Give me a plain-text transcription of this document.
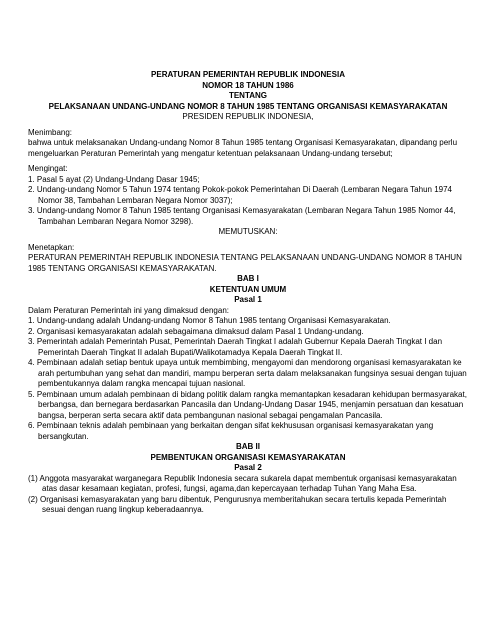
PERATURAN PEMERINTAH REPUBLIK INDONESIA

NOMOR 18 TAHUN 1986

TENTANG

PELAKSANAAN UNDANG-UNDANG NOMOR 8 TAHUN 1985 TENTANG ORGANISASI KEMASYARAKATAN

PRESIDEN REPUBLIK INDONESIA,

Menimbang:

bahwa untuk melaksanakan Undang-undang Nomor 8 Tahun 1985 tentang Organisasi Kemasyarakatan, dipandang perlu mengeluarkan Peraturan Pemerintah yang mengatur ketentuan pelaksanaan Undang-undang tersebut;

Mengingat:

1. Pasal 5 ayat (2) Undang-Undang Dasar 1945;

2. Undang-undang Nomor 5 Tahun 1974 tentang Pokok-pokok Pemerintahan Di Daerah (Lembaran Negara Tahun 1974 Nomor 38, Tambahan Lembaran Negara Nomor 3037);

3. Undang-undang Nomor 8 Tahun 1985 tentang Organisasi Kemasyarakatan (Lembaran Negara Tahun 1985 Nomor 44, Tambahan Lembaran Negara Nomor 3298).

MEMUTUSKAN:

Menetapkan:

PERATURAN PEMERINTAH REPUBLIK INDONESIA TENTANG PELAKSANAAN UNDANG-UNDANG NOMOR 8 TAHUN 1985 TENTANG ORGANISASI KEMASYARAKATAN.

BAB I

KETENTUAN UMUM

Pasal 1

Dalam Peraturan Pemerintah ini yang dimaksud dengan:

1. Undang-undang adalah Undang-undang Nomor 8 Tahun 1985 tentang Organisasi Kemasyarakatan.

2. Organisasi kemasyarakatan adalah sebagaimana dimaksud dalam Pasal 1 Undang-undang.

3. Pemerintah adalah Pemerintah Pusat, Pemerintah Daerah Tingkat I adalah Gubernur Kepala Daerah Tingkat I dan Pemerintah Daerah Tingkat II adalah Bupati/Walikotamadya Kepala Daerah Tingkat II.

4. Pembinaan adalah setiap bentuk upaya untuk membimbing, mengayomi dan mendorong organisasi kemasyarakatan ke arah pertumbuhan yang sehat dan mandiri, mampu berperan serta dalam melaksanakan fungsinya sesuai dengan tujuan pembentukannya dalam rangka mencapai tujuan nasional.

5. Pembinaan umum adalah pembinaan di bidang politik dalam rangka memantapkan kesadaran kehidupan bermasyarakat, berbangsa, dan bernegara berdasarkan Pancasila dan Undang-Undang Dasar 1945, menjamin persatuan dan kesatuan bangsa, berperan serta secara aktif data pembangunan nasional sebagai pengamalan Pancasila.

6. Pembinaan teknis adalah pembinaan yang berkaitan dengan sifat kekhususan organisasi kemasyarakatan yang bersangkutan.

BAB II

PEMBENTUKAN ORGANISASI KEMASYARAKATAN

Pasal 2

(1) Anggota masyarakat warganegara Republik Indonesia secara sukarela dapat membentuk organisasi kemasyarakatan atas dasar kesamaan kegiatan, profesi, fungsi, agama,dan kepercayaan terhadap Tuhan Yang Maha Esa.

(2) Organisasi kemasyarakatan yang baru dibentuk, Pengurusnya memberitahukan secara tertulis kepada Pemerintah sesuai dengan ruang lingkup keberadaannya.
